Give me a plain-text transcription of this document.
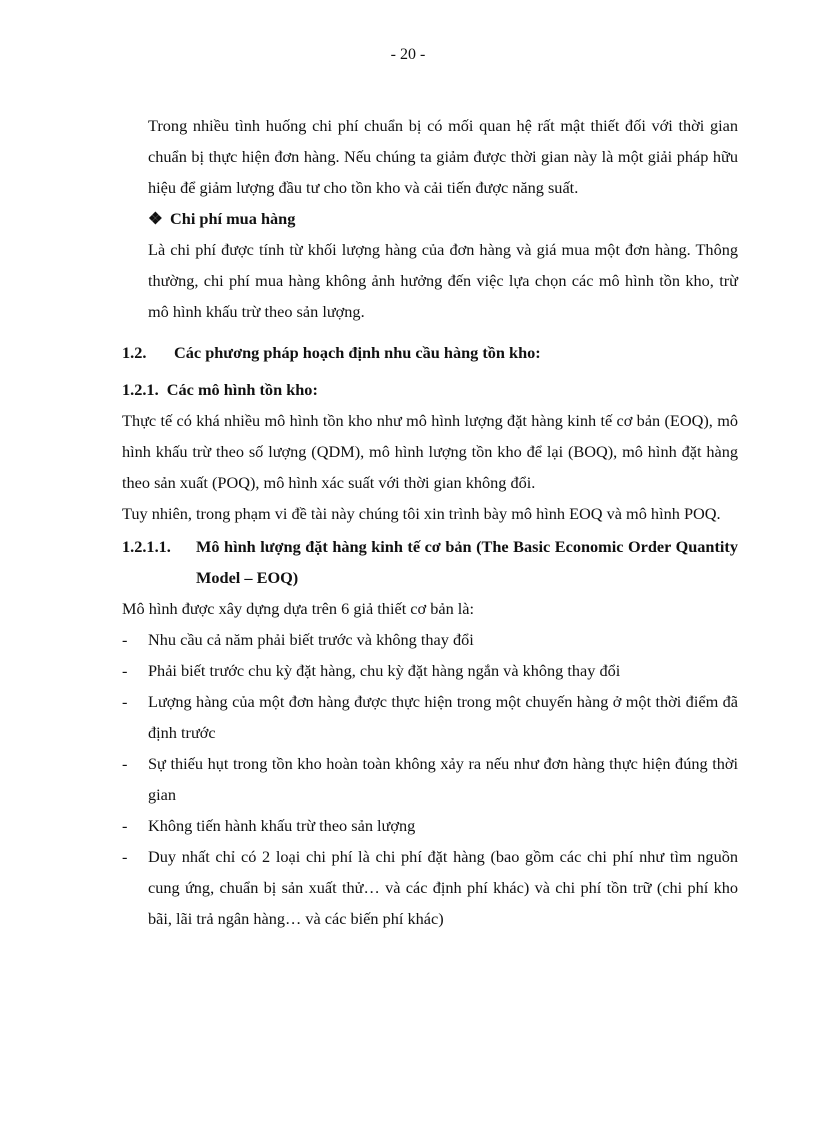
- 20 -

Trong nhiều tình huống chi phí chuẩn bị có mối quan hệ rất mật thiết đối với thời gian chuẩn bị thực hiện đơn hàng. Nếu chúng ta giảm được thời gian này là một giải pháp hữu hiệu để giảm lượng đầu tư cho tồn kho và cải tiến được năng suất.

❖ Chi phí mua hàng

Là chi phí được tính từ khối lượng hàng của đơn hàng và giá mua một đơn hàng. Thông thường, chi phí mua hàng không ảnh hưởng đến việc lựa chọn các mô hình tồn kho, trừ mô hình khấu trừ theo sản lượng.

1.2. Các phương pháp hoạch định nhu cầu hàng tồn kho:
1.2.1. Các mô hình tồn kho:

Thực tế có khá nhiều mô hình tồn kho như mô hình lượng đặt hàng kinh tế cơ bản (EOQ), mô hình khấu trừ theo số lượng (QDM), mô hình lượng tồn kho để lại (BOQ), mô hình đặt hàng theo sản xuất (POQ), mô hình xác suất với thời gian không đổi.

Tuy nhiên, trong phạm vi đề tài này chúng tôi xin trình bày mô hình EOQ và mô hình POQ.

1.2.1.1.	Mô hình lượng đặt hàng kinh tế cơ bản (The Basic Economic Order Quantity Model – EOQ)

Mô hình được xây dựng dựa trên 6 giả thiết cơ bản là:

- Nhu cầu cả năm phải biết trước và không thay đổi
- Phải biết trước chu kỳ đặt hàng, chu kỳ đặt hàng ngắn và không thay đổi
- Lượng hàng của một đơn hàng được thực hiện trong một chuyến hàng ở một thời điểm đã định trước
- Sự thiếu hụt trong tồn kho hoàn toàn không xảy ra nếu như đơn hàng thực hiện đúng thời gian
- Không tiến hành khấu trừ theo sản lượng
- Duy nhất chỉ có 2 loại chi phí là chi phí đặt hàng (bao gồm các chi phí như tìm nguồn cung ứng, chuẩn bị sản xuất thử… và các định phí khác) và chi phí tồn trữ (chi phí kho bãi, lãi trả ngân hàng… và các biến phí khác)
